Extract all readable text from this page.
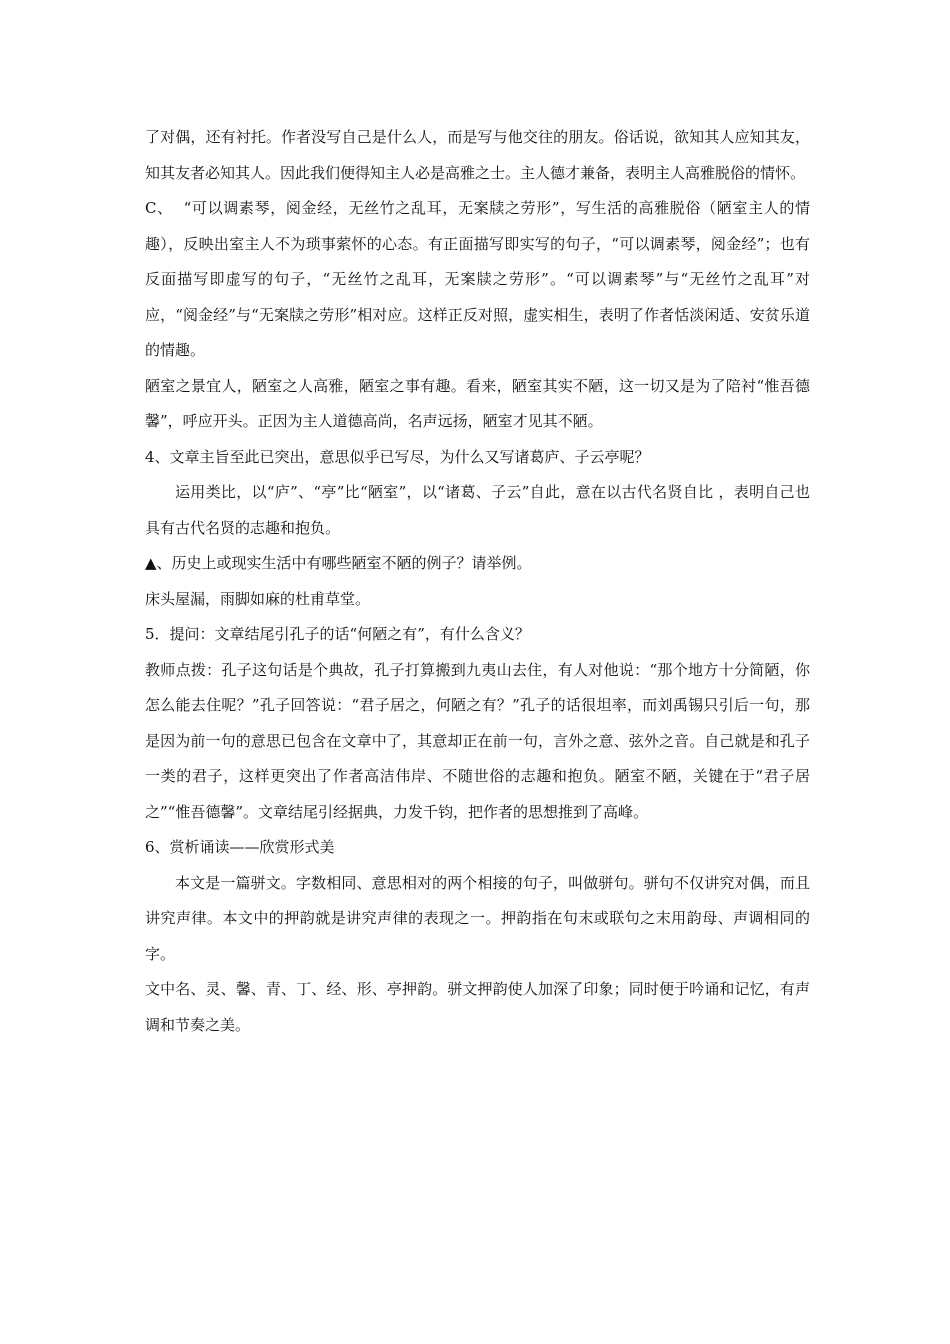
了对偶，还有衬托。作者没写自己是什么人，而是写与他交往的朋友。俗话说，欲知其人应知其友，知其友者必知其人。因此我们便得知主人必是高雅之士。主人德才兼备，表明主人高雅脱俗的情怀。

C、  “可以调素琴，阅金经，无丝竹之乱耳，无案牍之劳形”，写生活的高雅脱俗（陋室主人的情趣），反映出室主人不为琐事萦怀的心态。有正面描写即实写的句子，“可以调素琴，阅金经”；也有反面描写即虚写的句子，“无丝竹之乱耳，无案牍之劳形”。“可以调素琴”与“无丝竹之乱耳”对应，“阅金经”与“无案牍之劳形”相对应。这样正反对照，虚实相生，表明了作者恬淡闲适、安贫乐道的情趣。

陋室之景宜人，陋室之人高雅，陋室之事有趣。看来，陋室其实不陋，这一切又是为了陪衬“惟吾德馨”，呼应开头。正因为主人道德高尚，名声远扬，陋室才见其不陋。

4、文章主旨至此已突出，意思似乎已写尽，为什么又写诸葛庐、子云亭呢？

运用类比，以“庐”、“亭”比“陋室”，以“诸葛、子云”自此，意在以古代名贤自比 ，表明自己也具有古代名贤的志趣和抱负。

▲、历史上或现实生活中有哪些陋室不陋的例子？请举例。

床头屋漏，雨脚如麻的杜甫草堂。

5．提问：文章结尾引孔子的话“何陋之有”，有什么含义？

教师点拨：孔子这句话是个典故，孔子打算搬到九夷山去住，有人对他说：“那个地方十分简陋，你怎么能去住呢？”孔子回答说：“君子居之，何陋之有？”孔子的话很坦率，而刘禹锡只引后一句，那是因为前一句的意思已包含在文章中了，其意却正在前一句，言外之意、弦外之音。自己就是和孔子一类的君子，这样更突出了作者高洁伟岸、不随世俗的志趣和抱负。陋室不陋，关键在于“君子居之”“惟吾德馨”。文章结尾引经据典，力发千钧，把作者的思想推到了高峰。

6、赏析诵读——欣赏形式美

本文是一篇骈文。字数相同、意思相对的两个相接的句子，叫做骈句。骈句不仅讲究对偶，而且讲究声律。本文中的押韵就是讲究声律的表现之一。押韵指在句末或联句之末用韵母、声调相同的字。

文中名、灵、馨、青、丁、经、形、亭押韵。骈文押韵使人加深了印象；同时便于吟诵和记忆，有声调和节奏之美。
